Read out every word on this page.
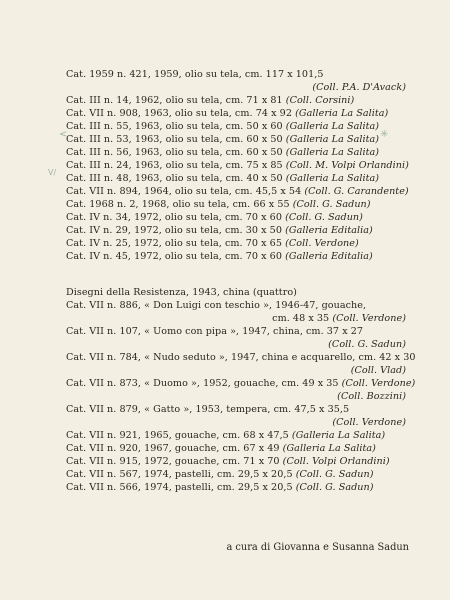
Cat. 1959 n. 421, 1959, olio su tela, cm. 117 x 101,5
(Coll. P.A. D'Avack)
Cat. III n. 14, 1962, olio su tela, cm. 71 x 81 (Coll. Corsini)
Cat. VII n. 908, 1963, olio su tela, cm. 74 x 92 (Galleria La Salita)
Cat. III n. 55, 1963, olio su tela, cm. 50 x 60 (Galleria La Salita)
Cat. III n. 53, 1963, olio su tela, cm. 60 x 50 (Galleria La Salita)
Cat. III n. 56, 1963, olio su tela, cm. 60 x 50 (Galleria La Salita)
Cat. III n. 24, 1963, olio su tela, cm. 75 x 85 (Coll. M. Volpi Orlandini)
Cat. III n. 48, 1963, olio su tela, cm. 40 x 50 (Galleria La Salita)
Cat. VII n. 894, 1964, olio su tela, cm. 45,5 x 54 (Coll. G. Carandente)
Cat. 1968 n. 2, 1968, olio su tela, cm. 66 x 55 (Coll. G. Sadun)
Cat. IV n. 34, 1972, olio su tela, cm. 70 x 60 (Coll. G. Sadun)
Cat. IV n. 29, 1972, olio su tela, cm. 30 x 50 (Galleria Editalia)
Cat. IV n. 25, 1972, olio su tela, cm. 70 x 65 (Coll. Verdone)
Cat. IV n. 45, 1972, olio su tela, cm. 70 x 60 (Galleria Editalia)
<	✳
V/
Disegni della Resistenza, 1943, china (quattro)
Cat. VII n. 886, « Don Luigi con teschio », 1946-47, gouache,
cm. 48 x 35 (Coll. Verdone)
Cat. VII n. 107, « Uomo con pipa », 1947, china, cm. 37 x 27
(Coll. G. Sadun)
Cat. VII n. 784, « Nudo seduto », 1947, china e acquarello, cm. 42 x 30
(Coll. Vlad)
Cat. VII n. 873, « Duomo », 1952, gouache, cm. 49 x 35 (Coll. Verdone)
(Coll. Bozzini)
Cat. VII n. 879, « Gatto », 1953, tempera, cm. 47,5 x 35,5
(Coll. Verdone)
Cat. VII n. 921, 1965, gouache, cm. 68 x 47,5 (Galleria La Salita)
Cat. VII n. 920, 1967, gouache, cm. 67 x 49 (Galleria La Salita)
Cat. VII n. 915, 1972, gouache, cm. 71 x 70 (Coll. Volpi Orlandini)
Cat. VII n. 567, 1974, pastelli, cm. 29,5 x 20,5 (Coll. G. Sadun)
Cat. VII n. 566, 1974, pastelli, cm. 29,5 x 20,5 (Coll. G. Sadun)
a cura di Giovanna e Susanna Sadun
